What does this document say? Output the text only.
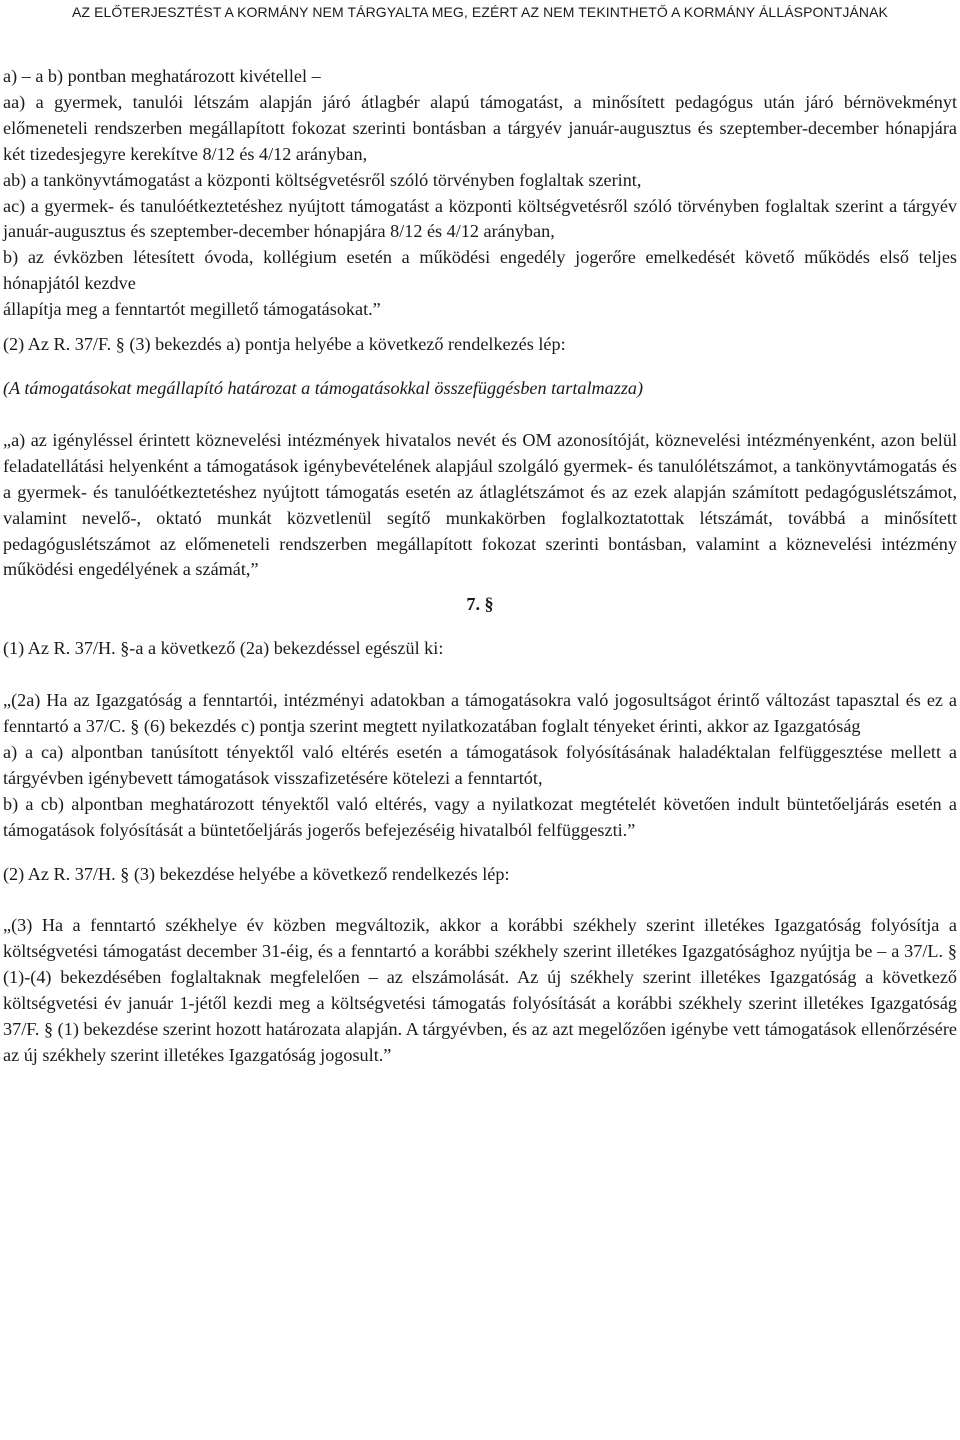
AZ ELŐTERJESZTÉST A KORMÁNY NEM TÁRGYALTA MEG, EZÉRT AZ NEM TEKINTHETŐ A KORMÁNY ÁLLÁSPONTJÁNAK

a) – a b) pontban meghatározott kivétellel –

aa) a gyermek, tanulói létszám alapján járó átlagbér alapú támogatást, a minősített pedagógus után járó bérnövekményt előmeneteli rendszerben megállapított fokozat szerinti bontásban a tárgyév január-augusztus és szeptember-december hónapjára két tizedesjegyre kerekítve 8/12 és 4/12 arányban,

ab) a tankönyvtámogatást a központi költségvetésről szóló törvényben foglaltak szerint,

ac) a gyermek- és tanulóétkeztetéshez nyújtott támogatást a központi költségvetésről szóló törvényben foglaltak szerint a tárgyév január-augusztus és szeptember-december hónapjára 8/12 és 4/12 arányban,

b) az évközben létesített óvoda, kollégium esetén a működési engedély jogerőre emelkedését követő működés első teljes hónapjától kezdve

állapítja meg a fenntartót megillető támogatásokat.”

(2) Az R. 37/F. § (3) bekezdés a) pontja helyébe a következő rendelkezés lép:

(A támogatásokat megállapító határozat a támogatásokkal összefüggésben tartalmazza)

„a) az igényléssel érintett köznevelési intézmények hivatalos nevét és OM azonosítóját, köznevelési intézményenként, azon belül feladatellátási helyenként a támogatások igénybevételének alapjául szolgáló gyermek- és tanulólétszámot, a tankönyvtámogatás és a gyermek- és tanulóétkeztetéshez nyújtott támogatás esetén az átlaglétszámot és az ezek alapján számított pedagóguslétszámot, valamint nevelő-, oktató munkát közvetlenül segítő munkakörben foglalkoztatottak létszámát, továbbá a minősített pedagóguslétszámot az előmeneteli rendszerben megállapított fokozat szerinti bontásban, valamint a köznevelési intézmény működési engedélyének a számát,”

7. §

(1) Az R. 37/H. §-a a következő (2a) bekezdéssel egészül ki:

„(2a) Ha az Igazgatóság a fenntartói, intézményi adatokban a támogatásokra való jogosultságot érintő változást tapasztal és ez a fenntartó a 37/C. § (6) bekezdés c) pontja szerint megtett nyilatkozatában foglalt tényeket érinti, akkor az Igazgatóság

a) a ca) alpontban tanúsított tényektől való eltérés esetén a támogatások folyósításának haladéktalan felfüggesztése mellett a tárgyévben igénybevett támogatások visszafizetésére kötelezi a fenntartót,

b) a cb) alpontban meghatározott tényektől való eltérés, vagy a nyilatkozat megtételét követően indult büntetőeljárás esetén a támogatások folyósítását a büntetőeljárás jogerős befejezéséig hivatalból felfüggeszti.”

(2) Az R. 37/H. § (3) bekezdése helyébe a következő rendelkezés lép:

„(3) Ha a fenntartó székhelye év közben megváltozik, akkor a korábbi székhely szerint illetékes Igazgatóság folyósítja a költségvetési támogatást december 31-éig, és a fenntartó a korábbi székhely szerint illetékes Igazgatósághoz nyújtja be – a 37/L. § (1)-(4) bekezdésében foglaltaknak megfelelően – az elszámolását. Az új székhely szerint illetékes Igazgatóság a következő költségvetési év január 1-jétől kezdi meg a költségvetési támogatás folyósítását a korábbi székhely szerint illetékes Igazgatóság 37/F. § (1) bekezdése szerint hozott határozata alapján. A tárgyévben, és az azt megelőzően igénybe vett támogatások ellenőrzésére az új székhely szerint illetékes Igazgatóság jogosult.”
